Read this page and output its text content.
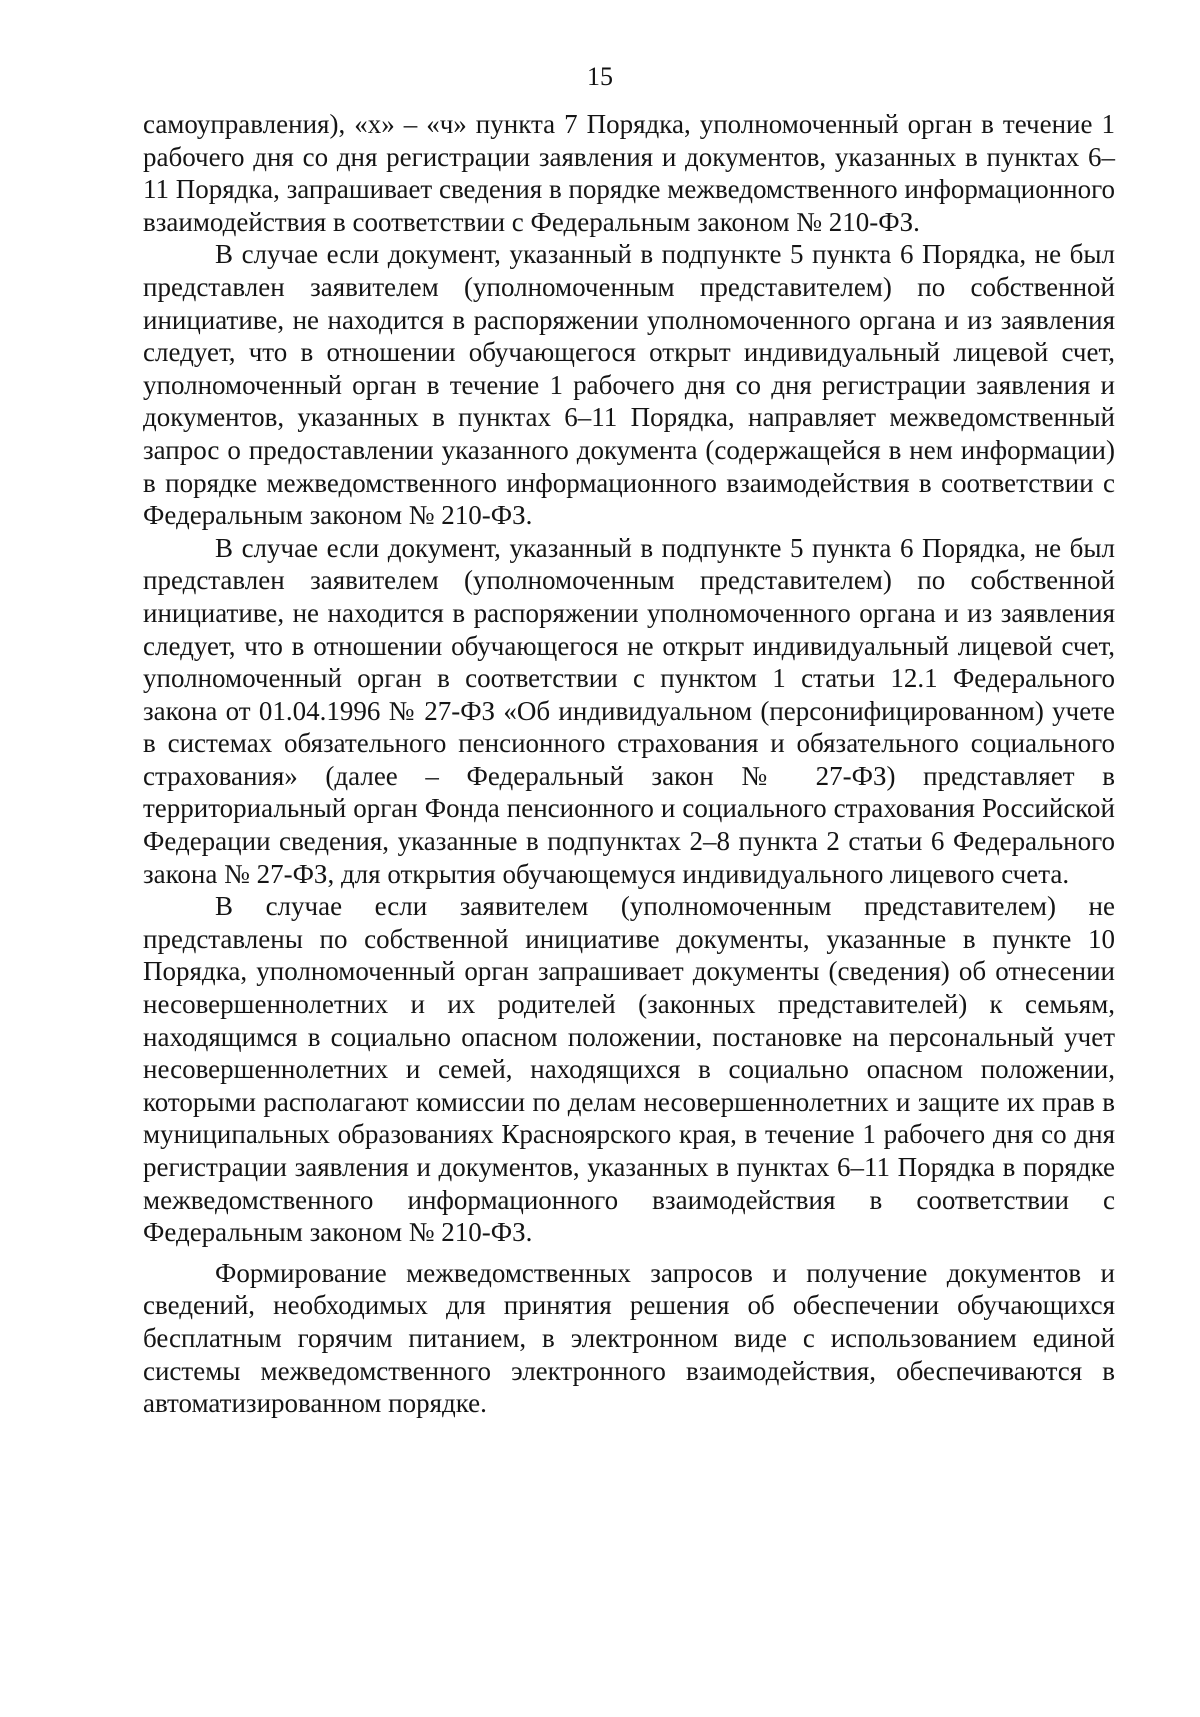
15

самоуправления), «х» – «ч» пункта 7 Порядка, уполномоченный орган в течение 1 рабочего дня со дня регистрации заявления и документов, указанных в пунктах 6–11 Порядка, запрашивает сведения в порядке межведомственного информационного взаимодействия в соответствии с Федеральным законом № 210-ФЗ.

В случае если документ, указанный в подпункте 5 пункта 6 Порядка, не был представлен заявителем (уполномоченным представителем) по собственной инициативе, не находится в распоряжении уполномоченного органа и из заявления следует, что в отношении обучающегося открыт индивидуальный лицевой счет, уполномоченный орган в течение 1 рабочего дня со дня регистрации заявления и документов, указанных в пунктах 6–11 Порядка, направляет межведомственный запрос о предоставлении указанного документа (содержащейся в нем информации) в порядке межведомственного информационного взаимодействия в соответствии с Федеральным законом № 210-ФЗ.

В случае если документ, указанный в подпункте 5 пункта 6 Порядка, не был представлен заявителем (уполномоченным представителем) по собственной инициативе, не находится в распоряжении уполномоченного органа и из заявления следует, что в отношении обучающегося не открыт индивидуальный лицевой счет, уполномоченный орган в соответствии с пунктом 1 статьи 12.1 Федерального закона от 01.04.1996 № 27-ФЗ «Об индивидуальном (персонифицированном) учете в системах обязательного пенсионного страхования и обязательного социального страхования» (далее – Федеральный закон № 27-ФЗ) представляет в территориальный орган Фонда пенсионного и социального страхования Российской Федерации сведения, указанные в подпунктах 2–8 пункта 2 статьи 6 Федерального закона № 27-ФЗ, для открытия обучающемуся индивидуального лицевого счета.

В случае если заявителем (уполномоченным представителем) не представлены по собственной инициативе документы, указанные в пункте 10 Порядка, уполномоченный орган запрашивает документы (сведения) об отнесении несовершеннолетних и их родителей (законных представителей) к семьям, находящимся в социально опасном положении, постановке на персональный учет несовершеннолетних и семей, находящихся в социально опасном положении, которыми располагают комиссии по делам несовершеннолетних и защите их прав в муниципальных образованиях Красноярского края, в течение 1 рабочего дня со дня регистрации заявления и документов, указанных в пунктах 6–11 Порядка в порядке межведомственного информационного взаимодействия в соответствии с Федеральным законом № 210-ФЗ.

Формирование межведомственных запросов и получение документов и сведений, необходимых для принятия решения об обеспечении обучающихся бесплатным горячим питанием, в электронном виде с использованием единой системы межведомственного электронного взаимодействия, обеспечиваются в автоматизированном порядке.
